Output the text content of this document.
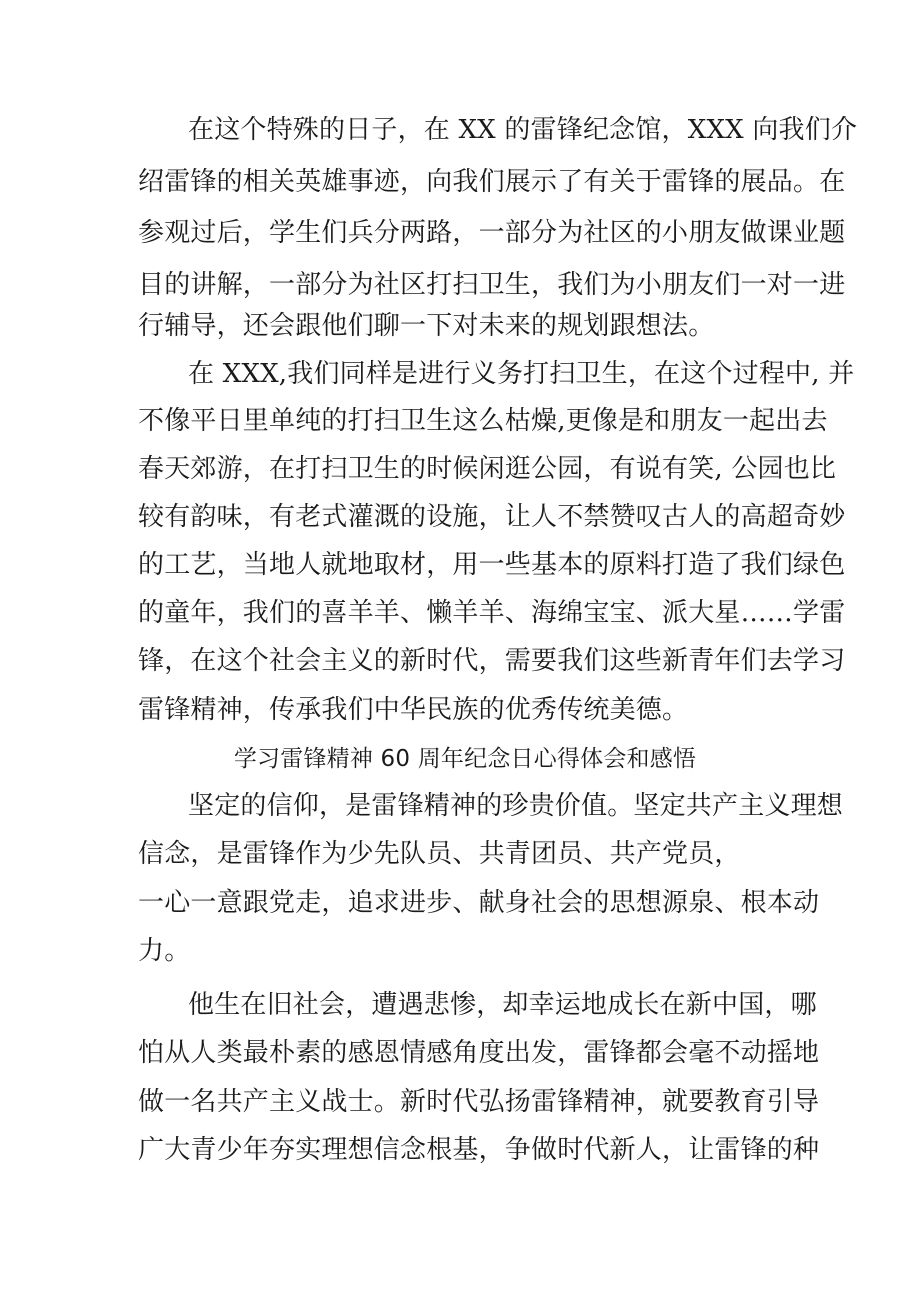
在这个特殊的日子，在 XX 的雷锋纪念馆，XXX 向我们介
绍雷锋的相关英雄事迹，向我们展示了有关于雷锋的展品。在
参观过后，学生们兵分两路，一部分为社区的小朋友做课业题
目的讲解，一部分为社区打扫卫生，我们为小朋友们一对一进
行辅导，还会跟他们聊一下对未来的规划跟想法。
在 XXX,我们同样是进行义务打扫卫生，在这个过程中, 并
不像平日里单纯的打扫卫生这么枯燥,更像是和朋友一起出去
春天郊游，在打扫卫生的时候闲逛公园，有说有笑, 公园也比
较有韵味，有老式灌溉的设施，让人不禁赞叹古人的高超奇妙
的工艺，当地人就地取材，用一些基本的原料打造了我们绿色
的童年，我们的喜羊羊、懒羊羊、海绵宝宝、派大星……学雷
锋，在这个社会主义的新时代，需要我们这些新青年们去学习
雷锋精神，传承我们中华民族的优秀传统美德。
学习雷锋精神 60 周年纪念日心得体会和感悟
坚定的信仰，是雷锋精神的珍贵价值。坚定共产主义理想
信念，是雷锋作为少先队员、共青团员、共产党员，
一心一意跟党走，追求进步、献身社会的思想源泉、根本动
力。
他生在旧社会，遭遇悲惨，却幸运地成长在新中国，哪
怕从人类最朴素的感恩情感角度出发，雷锋都会毫不动摇地
做一名共产主义战士。新时代弘扬雷锋精神，就要教育引导
广大青少年夯实理想信念根基，争做时代新人，让雷锋的种
